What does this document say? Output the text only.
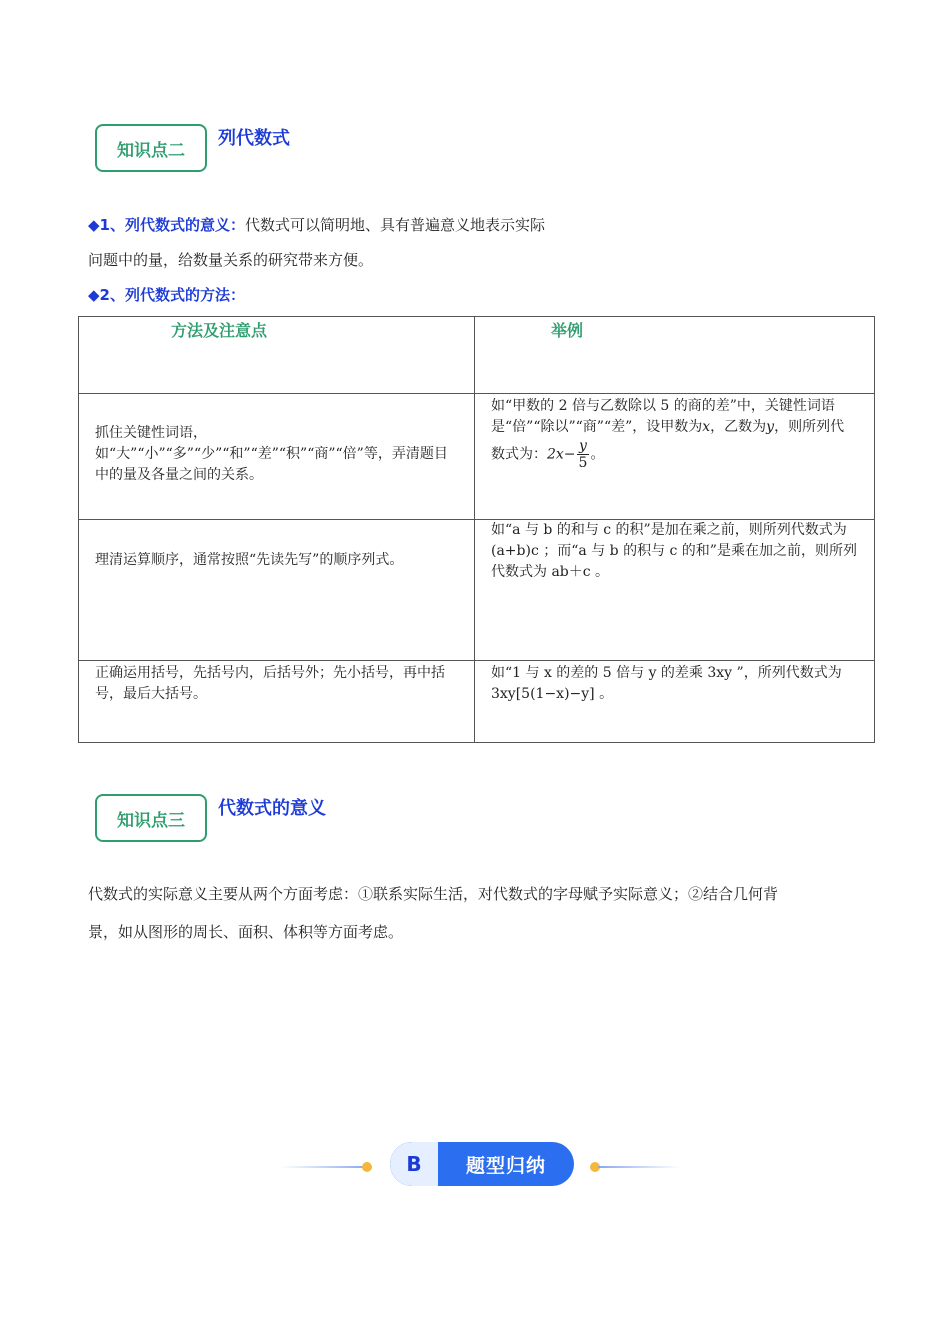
知识点二
列代数式
◆1、列代数式的意义：代数式可以简明地、具有普遍意义地表示实际
问题中的量，给数量关系的研究带来方便。
◆2、列代数式的方法：
方法及注意点	举例

抓住关键性词语，如“大”“小”“多”“少”“和”“差”“积”“商”“倍”等，弄清题目中的量及各量之间的关系。	如“甲数的 2 倍与乙数除以 5 的商的差”中，关键性词语是“倍”“除以”“商”“差”，设甲数为x，乙数为y，则所列代数式为：$2x- \frac{y}{5}$ 。

理清运算顺序，通常按照“先读先写”的顺序列式。	如“a 与 b 的和与 c 的积”是加在乘之前，则所列代数式为(a+b)c ；而“a 与 b 的积与 c 的和”是乘在加之前，则所列代数式为 ab＋c 。

正确运用括号，先括号内，后括号外；先小括号，再中括号，最后大括号。	如“1 与 x 的差的 5 倍与 y 的差乘 3xy ”，所列代数式为 3xy[5(1−x)−y] 。
知识点三
代数式的意义
代数式的实际意义主要从两个方面考虑：①联系实际生活，对代数式的字母赋予实际意义；②结合几何背
景，如从图形的周长、面积、体积等方面考虑。
B	题型归纳
